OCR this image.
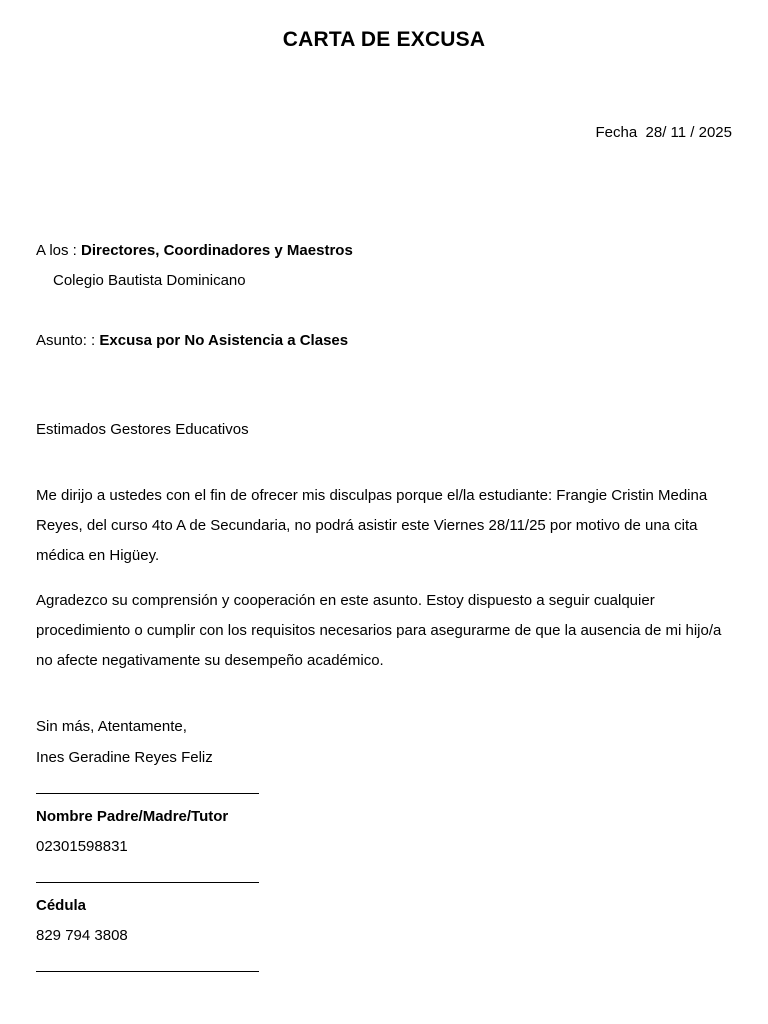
CARTA DE EXCUSA
Fecha 28/ 11 / 2025
A los : Directores, Coordinadores y Maestros
Colegio Bautista Dominicano
Asunto: : Excusa por No Asistencia a Clases
Estimados Gestores Educativos

Me dirijo a ustedes con el fin de ofrecer mis disculpas porque el/la estudiante: Frangie Cristin Medina Reyes, del curso 4to A de Secundaria, no podrá asistir este Viernes 28/11/25 por motivo de una cita médica en Higüey.

Agradezco su comprensión y cooperación en este asunto. Estoy dispuesto a seguir cualquier procedimiento o cumplir con los requisitos necesarios para asegurarme de que la ausencia de mi hijo/a no afecte negativamente su desempeño académico.

Sin más, Atentamente,
Ines Geradine Reyes Feliz
Nombre Padre/Madre/Tutor
02301598831
Cédula
829 794 3808
